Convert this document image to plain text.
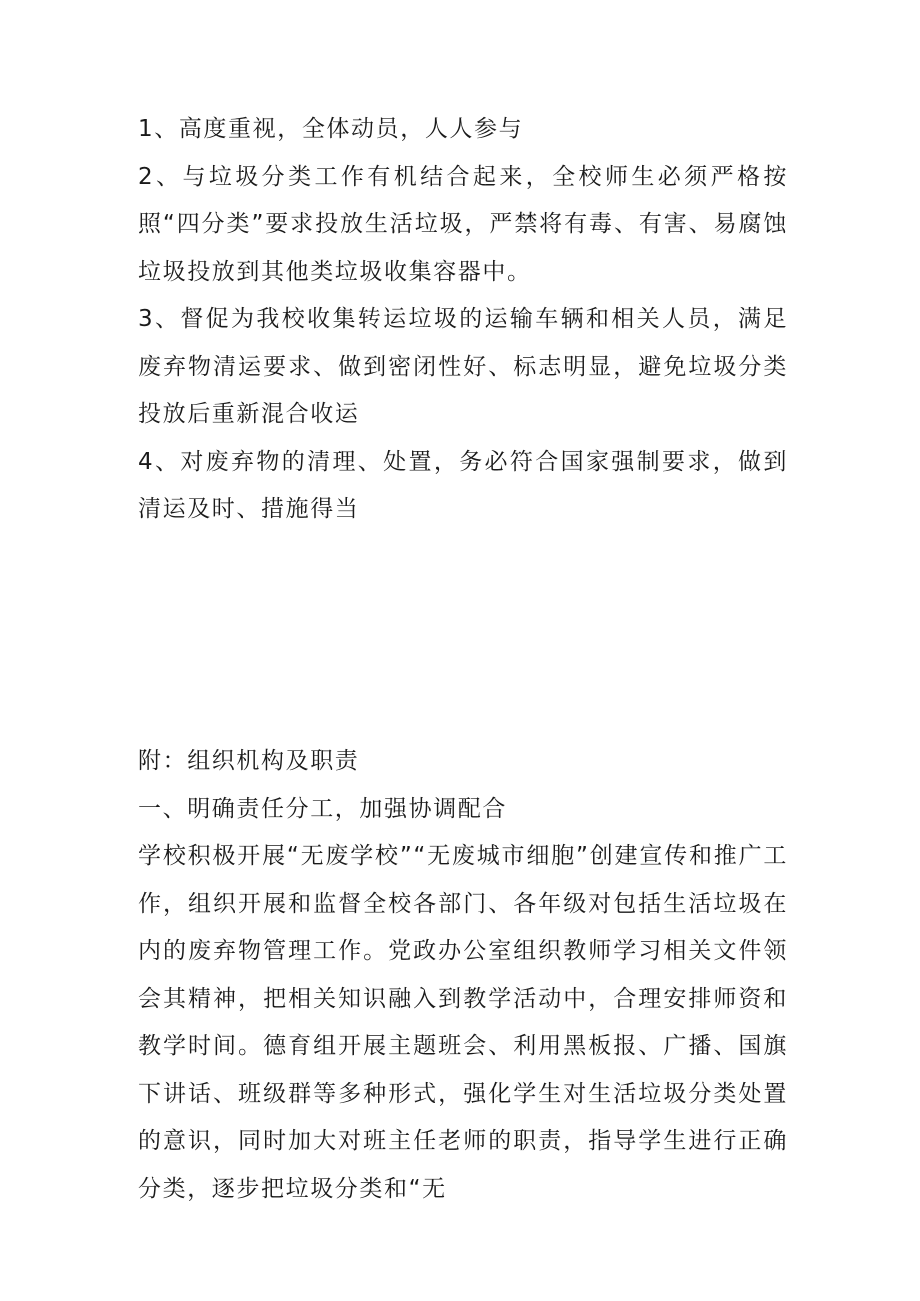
1、高度重视，全体动员，人人参与

2、与垃圾分类工作有机结合起来，全校师生必须严格按照“四分类”要求投放生活垃圾，严禁将有毒、有害、易腐蚀垃圾投放到其他类垃圾收集容器中。

3、督促为我校收集转运垃圾的运输车辆和相关人员，满足废弃物清运要求、做到密闭性好、标志明显，避免垃圾分类投放后重新混合收运

4、对废弃物的清理、处置，务必符合国家强制要求，做到清运及时、措施得当

附：组织机构及职责

一、明确责任分工，加强协调配合

学校积极开展“无废学校”“无废城市细胞”创建宣传和推广工作，组织开展和监督全校各部门、各年级对包括生活垃圾在内的废弃物管理工作。党政办公室组织教师学习相关文件领会其精神，把相关知识融入到教学活动中，合理安排师资和教学时间。德育组开展主题班会、利用黑板报、广播、国旗下讲话、班级群等多种形式，强化学生对生活垃圾分类处置的意识，同时加大对班主任老师的职责，指导学生进行正确分类，逐步把垃圾分类和“无
